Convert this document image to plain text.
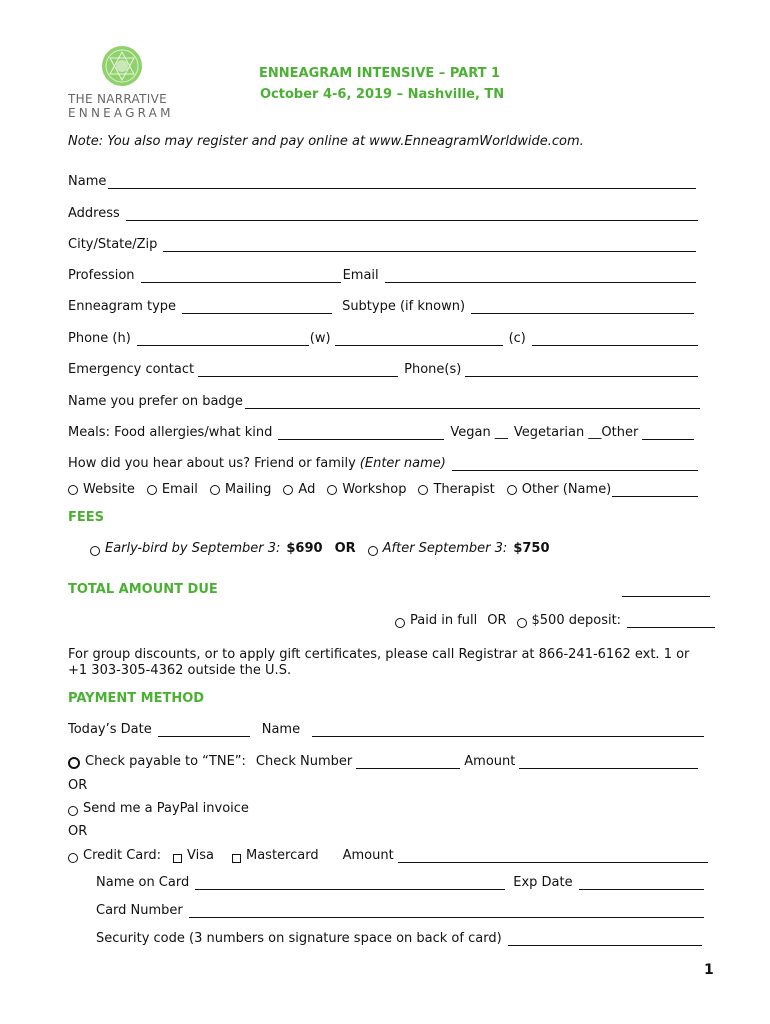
THE NARRATIVE
ENNEAGRAM
ENNEAGRAM INTENSIVE – PART 1
October 4-6, 2019 – Nashville, TN
Note: You also may register and pay online at www.EnneagramWorldwide.com.
Name
Address
City/State/Zip
Profession	Email
Enneagram type	Subtype (if known)
Phone (h)	(w)	(c)
Emergency contact	Phone(s)
Name you prefer on badge
Meals: Food allergies/what kind	Vegan __ Vegetarian __Other
How did you hear about us? Friend or family (Enter name)
Website	Email	Mailing	Ad	Workshop	Therapist	Other (Name)
FEES
Early-bird by September 3: $690 OR After September 3: $750
TOTAL AMOUNT DUE
Paid in full OR $500 deposit:
For group discounts, or to apply gift certificates, please call Registrar at 866-241-6162 ext. 1 or
+1 303-305-4362 outside the U.S.
PAYMENT METHOD
Today’s Date	Name
Check payable to “TNE”: Check Number	Amount
OR
Send me a PayPal invoice
OR
Credit Card: Visa Mastercard Amount
Name on Card	Exp Date
Card Number
Security code (3 numbers on signature space on back of card)
1
